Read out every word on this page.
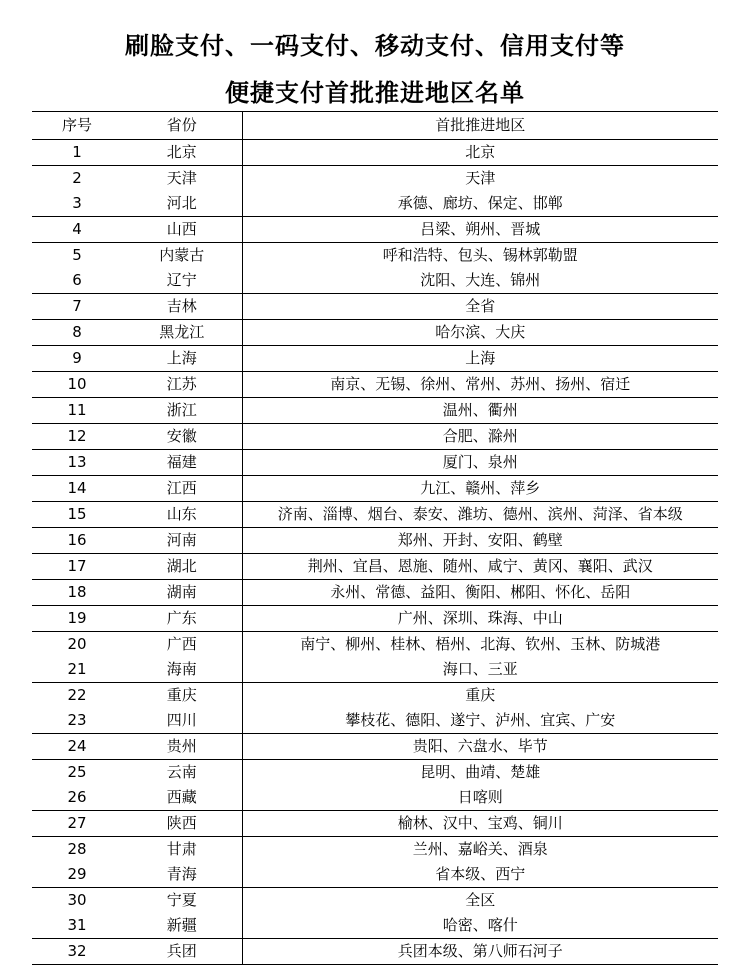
刷脸支付、一码支付、移动支付、信用支付等
便捷支付首批推进地区名单
序号	省份	首批推进地区
1	北京	北京
2	天津	天津
3	河北	承德、廊坊、保定、邯郸
4	山西	吕梁、朔州、晋城
5	内蒙古	呼和浩特、包头、锡林郭勒盟
6	辽宁	沈阳、大连、锦州
7	吉林	全省
8	黑龙江	哈尔滨、大庆
9	上海	上海
10	江苏	南京、无锡、徐州、常州、苏州、扬州、宿迁
11	浙江	温州、衢州
12	安徽	合肥、滁州
13	福建	厦门、泉州
14	江西	九江、赣州、萍乡
15	山东	济南、淄博、烟台、泰安、潍坊、德州、滨州、菏泽、省本级
16	河南	郑州、开封、安阳、鹤壁
17	湖北	荆州、宜昌、恩施、随州、咸宁、黄冈、襄阳、武汉
18	湖南	永州、常德、益阳、衡阳、郴阳、怀化、岳阳
19	广东	广州、深圳、珠海、中山
20	广西	南宁、柳州、桂林、梧州、北海、钦州、玉林、防城港
21	海南	海口、三亚
22	重庆	重庆
23	四川	攀枝花、德阳、遂宁、泸州、宜宾、广安
24	贵州	贵阳、六盘水、毕节
25	云南	昆明、曲靖、楚雄
26	西藏	日喀则
27	陕西	榆林、汉中、宝鸡、铜川
28	甘肃	兰州、嘉峪关、酒泉
29	青海	省本级、西宁
30	宁夏	全区
31	新疆	哈密、喀什
32	兵团	兵团本级、第八师石河子
